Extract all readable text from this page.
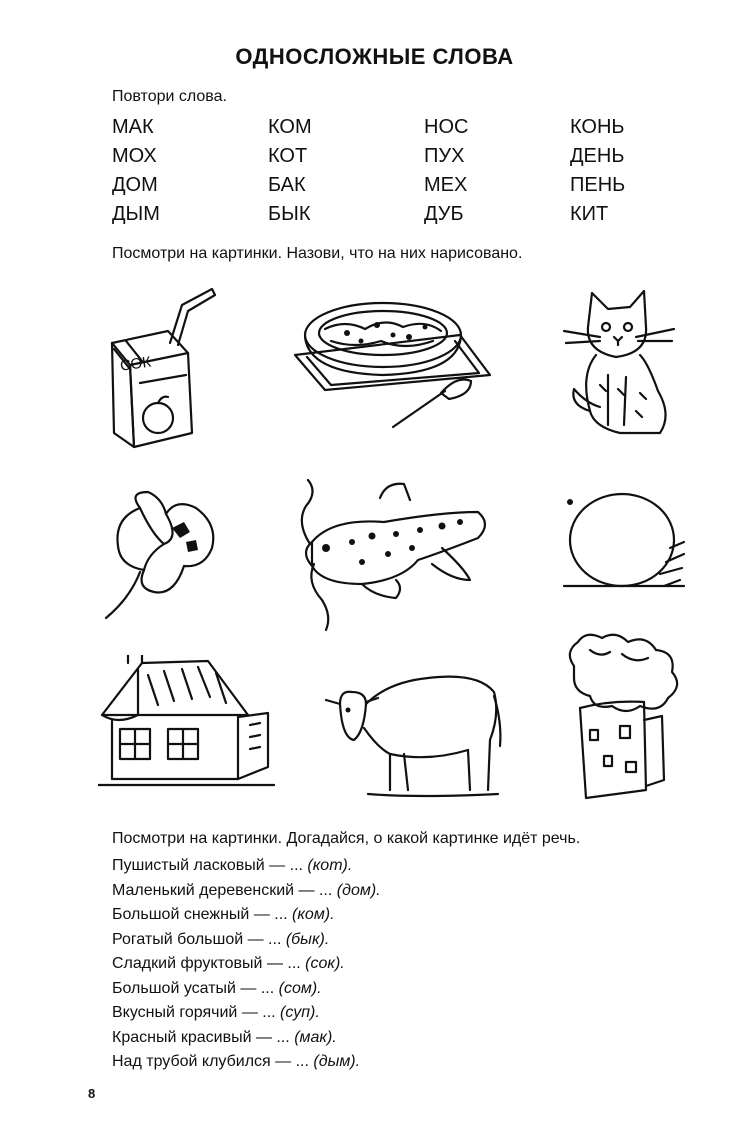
ОДНОСЛОЖНЫЕ СЛОВА
Повтори слова.
МАК	КОМ	НОС	КОНЬ
МОХ	КОТ	ПУХ	ДЕНЬ
ДОМ	БАК	МЕХ	ПЕНЬ
ДЫМ	БЫК	ДУБ	КИТ
Посмотри на картинки. Назови, что на них нарисовано.
СОК
Посмотри на картинки. Догадайся, о какой картинке идёт речь.
Пушистый ласковый — ... (кот).
Маленький деревенский — ... (дом).
Большой снежный — ... (ком).
Рогатый большой — ... (бык).
Сладкий фруктовый — ... (сок).
Большой усатый — ... (сом).
Вкусный горячий — ... (суп).
Красный красивый — ... (мак).
Над трубой клубился — ... (дым).
8
